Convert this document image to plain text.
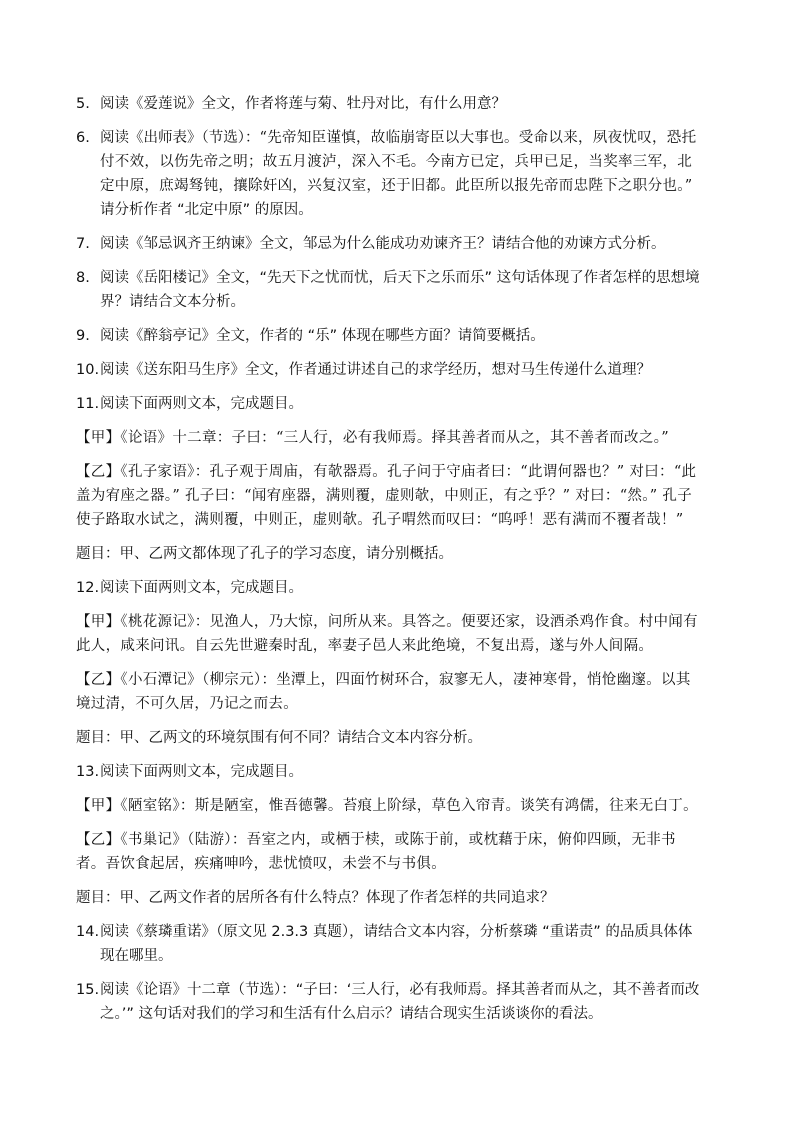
5. 阅读《爱莲说》全文，作者将莲与菊、牡丹对比，有什么用意？
6. 阅读《出师表》（节选）：“先帝知臣谨慎，故临崩寄臣以大事也。受命以来，夙夜忧叹，恐托付不效，以伤先帝之明；故五月渡泸，深入不毛。今南方已定，兵甲已足，当奖率三军，北定中原，庶竭驽钝，攘除奸凶，兴复汉室，还于旧都。此臣所以报先帝而忠陛下之职分也。” 请分析作者 “北定中原” 的原因。
7. 阅读《邹忌讽齐王纳谏》全文，邹忌为什么能成功劝谏齐王？请结合他的劝谏方式分析。
8. 阅读《岳阳楼记》全文，“先天下之忧而忧，后天下之乐而乐” 这句话体现了作者怎样的思想境界？请结合文本分析。
9. 阅读《醉翁亭记》全文，作者的 “乐” 体现在哪些方面？请简要概括。
10. 阅读《送东阳马生序》全文，作者通过讲述自己的求学经历，想对马生传递什么道理？
11. 阅读下面两则文本，完成题目。
【甲】《论语》十二章：子曰：“三人行，必有我师焉。择其善者而从之，其不善者而改之。”
【乙】《孔子家语》：孔子观于周庙，有欹器焉。孔子问于守庙者曰：“此谓何器也？” 对曰：“此盖为宥座之器。” 孔子曰：“闻宥座器，满则覆，虚则欹，中则正，有之乎？” 对曰：“然。” 孔子使子路取水试之，满则覆，中则正，虚则欹。孔子喟然而叹曰：“呜呼！恶有满而不覆者哉！”
题目：甲、乙两文都体现了孔子的学习态度，请分别概括。
12. 阅读下面两则文本，完成题目。
【甲】《桃花源记》：见渔人，乃大惊，问所从来。具答之。便要还家，设酒杀鸡作食。村中闻有此人，咸来问讯。自云先世避秦时乱，率妻子邑人来此绝境，不复出焉，遂与外人间隔。
【乙】《小石潭记》（柳宗元）：坐潭上，四面竹树环合，寂寥无人，凄神寒骨，悄怆幽邃。以其境过清，不可久居，乃记之而去。
题目：甲、乙两文的环境氛围有何不同？请结合文本内容分析。
13. 阅读下面两则文本，完成题目。
【甲】《陋室铭》：斯是陋室，惟吾德馨。苔痕上阶绿，草色入帘青。谈笑有鸿儒，往来无白丁。
【乙】《书巢记》（陆游）：吾室之内，或栖于椟，或陈于前，或枕藉于床，俯仰四顾，无非书者。吾饮食起居，疾痛呻吟，悲忧愤叹，未尝不与书俱。
题目：甲、乙两文作者的居所各有什么特点？体现了作者怎样的共同追求？
14. 阅读《蔡璘重诺》（原文见 2.3.3 真题），请结合文本内容，分析蔡璘 “重诺责” 的品质具体体现在哪里。
15. 阅读《论语》十二章（节选）：“子曰：‘三人行，必有我师焉。择其善者而从之，其不善者而改之。’” 这句话对我们的学习和生活有什么启示？请结合现实生活谈谈你的看法。
